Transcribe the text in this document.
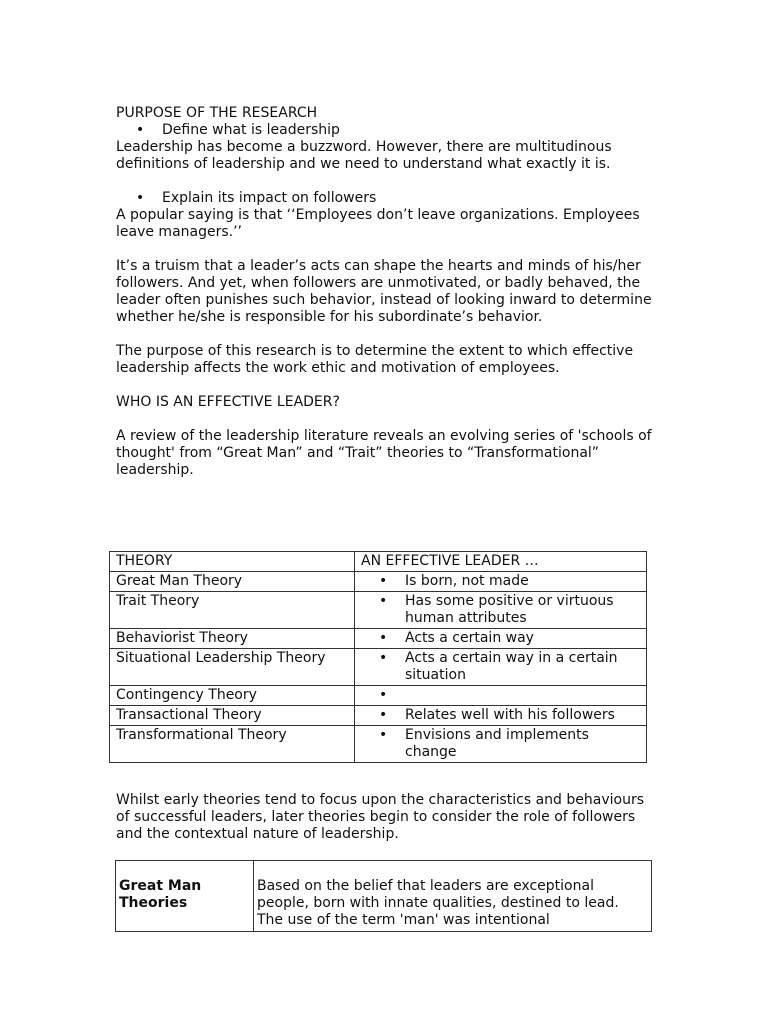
PURPOSE OF THE RESEARCH

•	Define what is leadership

Leadership has become a buzzword. However, there are multitudinous definitions of leadership and we need to understand what exactly it is.

•	Explain its impact on followers

A popular saying is that ‘‘Employees don’t leave organizations. Employees leave managers.’’

It’s a truism that a leader’s acts can shape the hearts and minds of his/her followers. And yet, when followers are unmotivated, or badly behaved, the leader often punishes such behavior, instead of looking inward to determine whether he/she is responsible for his subordinate’s behavior.

The purpose of this research is to determine the extent to which effective leadership affects the work ethic and motivation of employees.

WHO IS AN EFFECTIVE LEADER?

A review of the leadership literature reveals an evolving series of 'schools of thought' from “Great Man” and “Trait” theories to “Transformational” leadership.

THEORY	AN EFFECTIVE LEADER …
Great Man Theory	• Is born, not made

Trait Theory	• Has some positive or virtuous human attributes

Behaviorist Theory	• Acts a certain way

Situational Leadership Theory	• Acts a certain way in a certain situation

Contingency Theory	•

Transactional Theory	• Relates well with his followers

Transformational Theory	• Envisions and implements change

Whilst early theories tend to focus upon the characteristics and behaviours of successful leaders, later theories begin to consider the role of followers and the contextual nature of leadership.

Great Man Theories	Based on the belief that leaders are exceptional people, born with innate qualities, destined to lead. The use of the term 'man' was intentional
